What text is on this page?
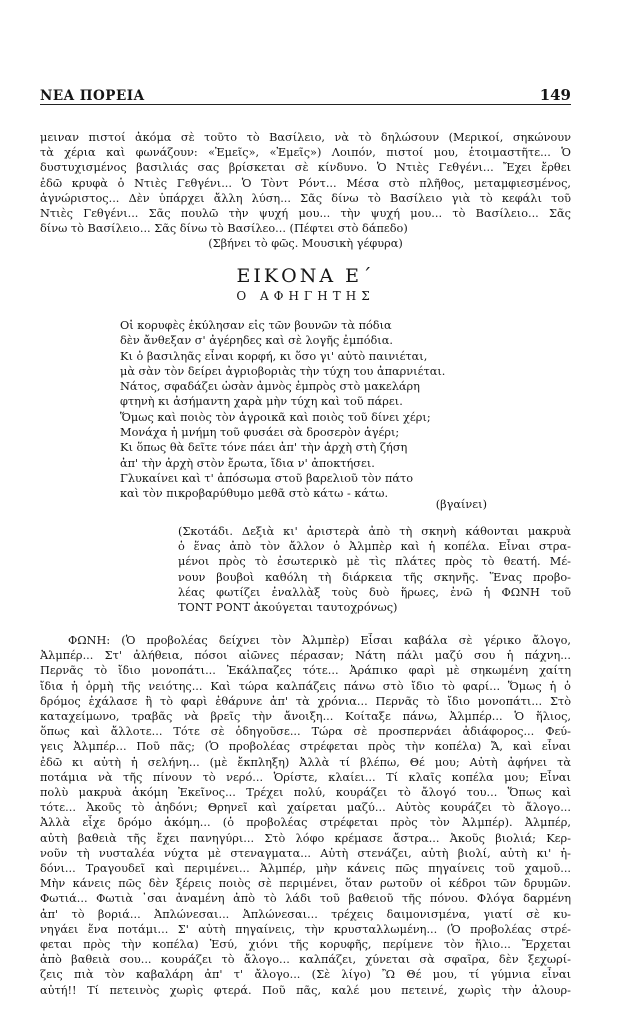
ΝΕΑ ΠΟΡΕΙΑ	149
μειναν πιστοί ἀκόμα σὲ τοῦτο τὸ Βασίλειο, νὰ τὸ δηλώσουν (Μερικοί, σηκώνουν
τὰ χέρια καὶ φωνάζουν: «Ἐμεῖς», «Ἐμεῖς») Λοιπόν, πιστοί μου, ἑτοιμαστῆτε... Ὁ
δυστυχισμένος βασιλιάς σας βρίσκεται σὲ κίνδυνο. Ὁ Ντιὲς Γεθγένι... Ἔχει ἔρθει
ἐδῶ κρυφὰ ὁ Ντιὲς Γεθγένι... Ὁ Τὸντ Ρόντ... Μέσα στὸ πλῆθος, μεταμφιεσμένος,
ἀγνώριστος... Δὲν ὑπάρχει ἄλλη λύση... Σᾶς δίνω τὸ Βασίλειο γιὰ τὸ κεφάλι τοῦ
Ντιὲς Γεθγένι... Σᾶς πουλῶ τὴν ψυχή μου... τὴν ψυχή μου... τὸ Βασίλειο... Σᾶς
δίνω τὸ Βασίλειο... Σᾶς δίνω τὸ Βασίλεο... (Πέφτει στὸ δάπεδο)
(Σβήνει τὸ φῶς. Μουσικὴ γέφυρα)
ΕΙΚΟΝΑ Ε΄
Ο ΑΦΗΓΗΤΗΣ
Οἱ κορυφὲς ἐκύλησαν εἰς τῶν βουνῶν τὰ πόδια
δὲν ἄνθεξαν σ' ἀγέρηδες καὶ σὲ λογῆς ἐμπόδια.
Κι ὁ βασιληᾶς εἶναι κορφή, κι ὅσο γι' αὐτὸ παινιέται,
μὰ σὰν τὸν δείρει ἀγριοβοριὰς τὴν τύχη του ἀπαρνιέται.
Νάτος, σφαδάζει ὡσὰν ἀμνὸς ἐμπρὸς στὸ μακελάρη
φτηνὴ κι ἀσήμαντη χαρὰ μὴν τύχη καὶ τοῦ πάρει.
Ὅμως καὶ ποιὸς τὸν ἀγροικᾶ καὶ ποιὸς τοῦ δίνει χέρι;
Μονάχα ἡ μνήμη τοῦ φυσάει σὰ δροσερὸν ἀγέρι;
Κι ὅπως θὰ δεῖτε τόνε πάει ἀπ' τὴν ἀρχὴ στὴ ζήση
ἀπ' τὴν ἀρχὴ στὸν ἔρωτα, ἴδια ν' ἀποκτήσει.
Γλυκαίνει καὶ τ' ἀπόσωμα στοῦ βαρελιοῦ τὸν πάτο
καὶ τὸν πικροβαρύθυμο μεθᾶ στὸ κάτω - κάτω.
(βγαίνει)
(Σκοτάδι. Δεξιὰ κι' ἀριστερὰ ἀπὸ τὴ σκηνὴ κάθονται μακρυὰ
ὁ ἕνας ἀπὸ τὸν ἄλλον ὁ Ἀλμπὲρ καὶ ἡ κοπέλα. Εἶναι στρα-
μένοι πρὸς τὸ ἐσωτερικὸ μὲ τὶς πλάτες πρὸς τὸ θεατή. Μέ-
νουν βουβοὶ καθόλη τὴ διάρκεια τῆς σκηνῆς. Ἕνας προβο-
λέας φωτίζει ἐναλλὰξ τοὺς δυὸ ἥρωες, ἐνῶ ἡ ΦΩΝΗ τοῦ
ΤΟΝΤ ΡΟΝΤ ἀκούγεται ταυτοχρόνως)
ΦΩΝΗ: (Ὁ προβολέας δείχνει τὸν Ἀλμπὲρ) Εἶσαι καβάλα σὲ γέρικο ἄλογο,
Ἀλμπέρ... Στ' ἀλήθεια, πόσοι αἰῶνες πέρασαν; Νάτη πάλι μαζύ σου ἡ πάχνη...
Περνᾶς τὸ ἴδιο μονοπάτι... Ἐκάλπαζες τότε... Ἀράπικο φαρὶ μὲ σηκωμένη χαίτη
ἴδια ἡ ὁρμὴ τῆς νειότης... Καὶ τώρα καλπάζεις πάνω στὸ ἴδιο τὸ φαρί... Ὅμως ἡ ὁ
δρόμος ἐχάλασε ἢ τὸ φαρὶ ἐθάρυνε ἀπ' τὰ χρόνια... Περνᾶς τὸ ἴδιο μονοπάτι... Στὸ
καταχείμωνο, τραβᾶς νὰ βρεῖς τὴν ἄνοιξη... Κοίταξε πάνω, Ἀλμπέρ... Ὁ ἥλιος,
ὅπως καὶ ἄλλοτε... Τότε σὲ ὁδηγοῦσε... Τώρα σὲ προσπερνάει ἀδιάφορος... Φεύ-
γεις Ἀλμπέρ... Ποῦ πᾶς; (Ὁ προβολέας στρέφεται πρὸς τὴν κοπέλα) Ἄ, καὶ εἶναι
ἐδῶ κι αὐτὴ ἡ σελήνη... (μὲ ἔκπληξη) Ἀλλὰ τί βλέπω, Θέ μου; Αὐτὴ ἀφήνει τὰ
ποτάμια νὰ τῆς πίνουν τὸ νερό... Ὁρίστε, κλαίει... Τί κλαῖς κοπέλα μου; Εἶναι
πολὺ μακρυὰ ἀκόμη Ἐκεῖνος... Τρέχει πολύ, κουράζει τὸ ἄλογό του... Ὅπως καὶ
τότε... Ἀκοῦς τὸ ἀηδόνι; Θρηνεῖ καὶ χαίρεται μαζύ... Αὐτὸς κουράζει τὸ ἄλογο...
Ἀλλὰ εἶχε δρόμο ἀκόμη... (ὁ προβολέας στρέφεται πρὸς τὸν Ἀλμπέρ). Ἀλμπέρ,
αὐτὴ βαθειὰ τῆς ἔχει πανηγύρι... Στὸ λόφο κρέμασε ἄστρα... Ἀκοῦς βιολιά; Κερ-
νοῦν τὴ νυσταλέα νύχτα μὲ στεναγματα... Αὐτὴ στενάζει, αὐτὴ βιολί, αὐτὴ κι' ἠ-
δόνι... Τραγουδεῖ καὶ περιμένει... Ἀλμπέρ, μὴν κάνεις πῶς πηγαίνεις τοῦ χαμοῦ...
Μὴν κάνεις πῶς δὲν ξέρεις ποιὸς σὲ περιμένει, ὅταν ρωτοῦν οἱ κέδροι τῶν δρυμῶν.
Φωτιά... Φωτιὰ ᾽σαι ἀναμένη ἀπὸ τὸ λάδι τοῦ βαθειοῦ τῆς πόνου. Φλόγα δαρμένη
ἀπ' τὸ βοριά... Ἀπλώνεσαι... Ἀπλώνεσαι... τρέχεις δαιμονισμένα, γιατί σὲ κυ-
νηγάει ἕνα ποτάμι... Σ' αὐτὴ πηγαίνεις, τὴν κρυσταλλωμένη... (Ὁ προβολέας στρέ-
φεται πρὸς τὴν κοπέλα) Ἐσύ, χιόνι τῆς κορυφῆς, περίμενε τὸν ἥλιο... Ἔρχεται
ἀπὸ βαθειὰ σου... κουράζει τὸ ἄλογο... καλπάζει, χύνεται σὰ σφαῖρα, δὲν ξεχωρί-
ζεις πιὰ τὸν καβαλάρη ἀπ' τ' ἄλογο... (Σὲ λίγο) Ὢ Θέ μου, τί γύμνια εἶναι
αὐτή!! Τί πετεινὸς χωρὶς φτερά. Ποῦ πᾶς, καλέ μου πετεινέ, χωρὶς τὴν ἀλουρ-
